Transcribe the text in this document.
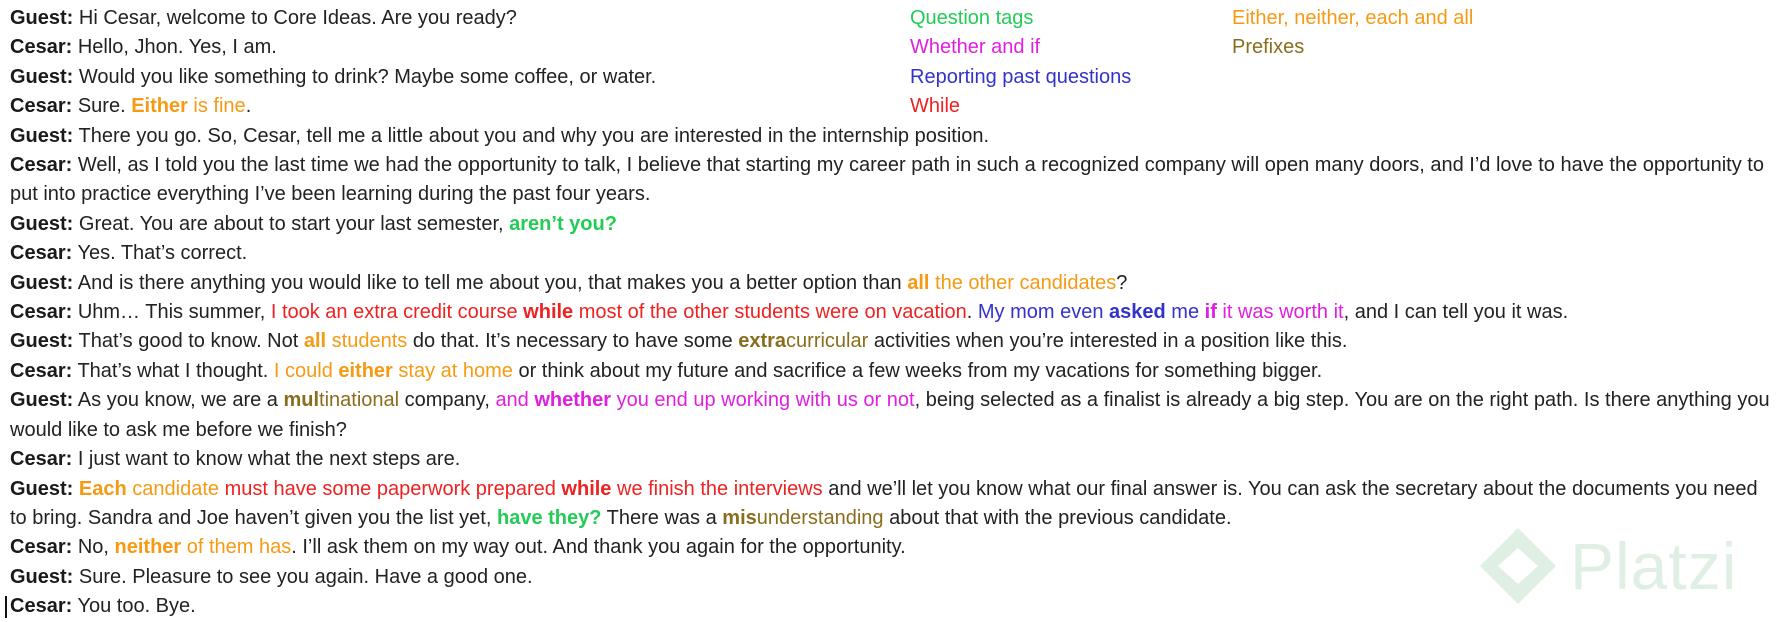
Guest: Hi Cesar, welcome to Core Ideas. Are you ready?
Cesar: Hello, Jhon. Yes, I am.
Guest: Would you like something to drink? Maybe some coffee, or water.
Cesar: Sure. Either is fine.
Guest: There you go. So, Cesar, tell me a little about you and why you are interested in the internship position.
Cesar: Well, as I told you the last time we had the opportunity to talk, I believe that starting my career path in such a recognized company will open many doors, and I’d love to have the opportunity to put into practice everything I’ve been learning during the past four years.
Guest: Great. You are about to start your last semester, aren’t you?
Cesar: Yes. That’s correct.
Guest: And is there anything you would like to tell me about you, that makes you a better option than all the other candidates?
Cesar: Uhm… This summer, I took an extra credit course while most of the other students were on vacation. My mom even asked me if it was worth it, and I can tell you it was.
Guest: That’s good to know. Not all students do that. It’s necessary to have some extracurricular activities when you’re interested in a position like this.
Cesar: That’s what I thought. I could either stay at home or think about my future and sacrifice a few weeks from my vacations for something bigger.
Guest: As you know, we are a multinational company, and whether you end up working with us or not, being selected as a finalist is already a big step. You are on the right path. Is there anything you would like to ask me before we finish?
Cesar: I just want to know what the next steps are.
Guest: Each candidate must have some paperwork prepared while we finish the interviews and we’ll let you know what our final answer is. You can ask the secretary about the documents you need to bring. Sandra and Joe haven’t given you the list yet, have they? There was a misunderstanding about that with the previous candidate.
Cesar: No, neither of them has. I’ll ask them on my way out. And thank you again for the opportunity.
Guest: Sure. Pleasure to see you again. Have a good one.
Cesar: You too. Bye.
Question tags
Whether and if
Reporting past questions
While
Either, neither, each and all
Prefixes
Platzi
